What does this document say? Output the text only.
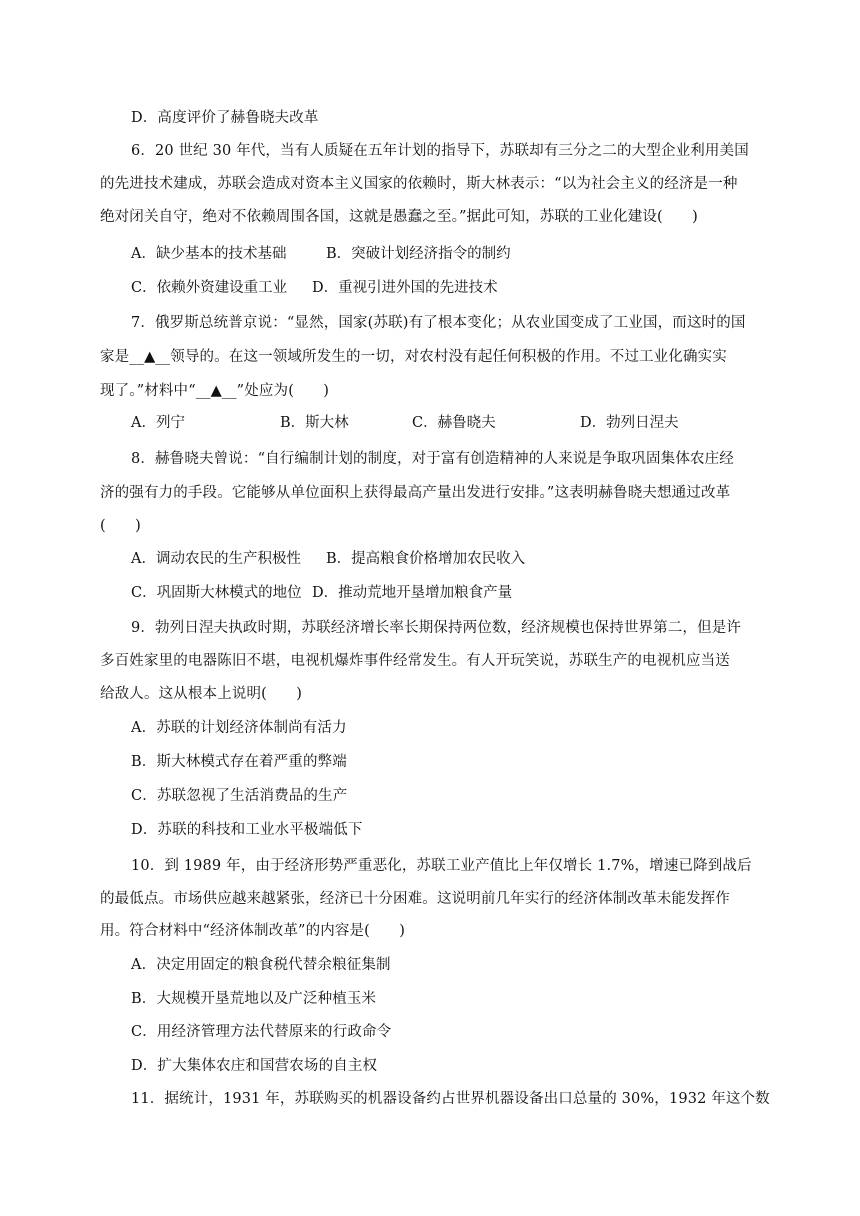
D．高度评价了赫鲁晓夫改革
6．20 世纪 30 年代，当有人质疑在五年计划的指导下，苏联却有三分之二的大型企业利用美国
的先进技术建成，苏联会造成对资本主义国家的依赖时，斯大林表示：“以为社会主义的经济是一种
绝对闭关自守，绝对不依赖周围各国，这就是愚蠢之至。”据此可知，苏联的工业化建设(　　)
A．缺少基本的技术基础	B．突破计划经济指令的制约
C．依赖外资建设重工业 D．重视引进外国的先进技术
7．俄罗斯总统普京说：“显然，国家(苏联)有了根本变化；从农业国变成了工业国，而这时的国
家是__▲__领导的。在这一领域所发生的一切，对农村没有起任何积极的作用。不过工业化确实实
现了。”材料中“__▲__”处应为(　　)
A．列宁	B．斯大林	C．赫鲁晓夫	D．勃列日涅夫
8．赫鲁晓夫曾说：“自行编制计划的制度，对于富有创造精神的人来说是争取巩固集体农庄经
济的强有力的手段。它能够从单位面积上获得最高产量出发进行安排。”这表明赫鲁晓夫想通过改革
(　　)
A．调动农民的生产积极性 B．提高粮食价格增加农民收入
C．巩固斯大林模式的地位 D．推动荒地开垦增加粮食产量
9．勃列日涅夫执政时期，苏联经济增长率长期保持两位数，经济规模也保持世界第二，但是许
多百姓家里的电器陈旧不堪，电视机爆炸事件经常发生。有人开玩笑说，苏联生产的电视机应当送
给敌人。这从根本上说明(　　)
A．苏联的计划经济体制尚有活力
B．斯大林模式存在着严重的弊端
C．苏联忽视了生活消费品的生产
D．苏联的科技和工业水平极端低下
10．到 1989 年，由于经济形势严重恶化，苏联工业产值比上年仅增长 1.7%，增速已降到战后
的最低点。市场供应越来越紧张，经济已十分困难。这说明前几年实行的经济体制改革未能发挥作
用。符合材料中“经济体制改革”的内容是(　　)
A．决定用固定的粮食税代替余粮征集制
B．大规模开垦荒地以及广泛种植玉米
C．用经济管理方法代替原来的行政命令
D．扩大集体农庄和国营农场的自主权
11．据统计，1931 年，苏联购买的机器设备约占世界机器设备出口总量的 30%，1932 年这个数
